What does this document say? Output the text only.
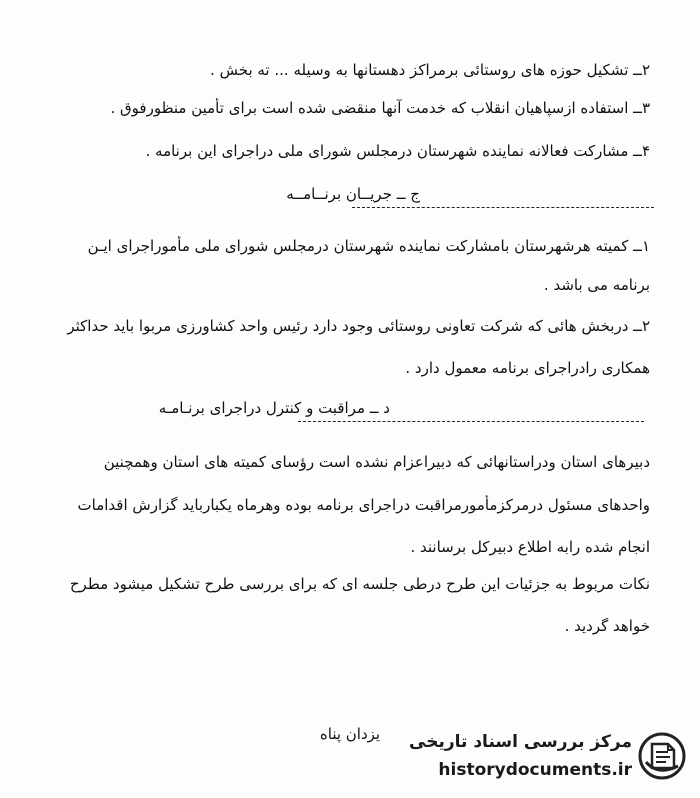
۲ــ تشکیل حوزه های روستائی برمراکز دهستانها به وسیله ... ته بخش .
۳ــ استفاده ازسپاهیان انقلاب که خدمت آنها منقضی شده است برای تأمین منظورفوق .
۴ــ مشارکت فعالانه نماینده شهرستان درمجلس شورای ملی دراجرای این برنامه .
ج ــ جریــان برنــامــه
۱ــ کمیته هرشهرستان بامشارکت نماینده شهرستان درمجلس شورای ملی مأموراجرای ایـن
برنامه می باشد .
۲ــ دربخش هائی که شرکت تعاونی روستائی وجود دارد رئیس واحد کشاورزی مربوا باید حداکثر
همکاری رادراجرای برنامه معمول دارد .
د ــ مراقبت و کنترل دراجرای برنـامـه
دبیرهای استان ودراستانهائی که دبیراعزام نشده است رؤسای کمیته های استان وهمچنین
واحدهای مسئول درمرکزمأمورمراقبت دراجرای برنامه بوده وهرماه یکبارباید گزارش اقدامات
انجام شده رابه اطلاع دبیرکل برسانند .
نکات مربوط به جزئیات این طرح درطی جلسه ای که برای بررسی طرح تشکیل میشود مطرح
خواهد گردید .
یزدان پناه	مرکز بررسی اسناد تاریخی
historydocuments.ir
